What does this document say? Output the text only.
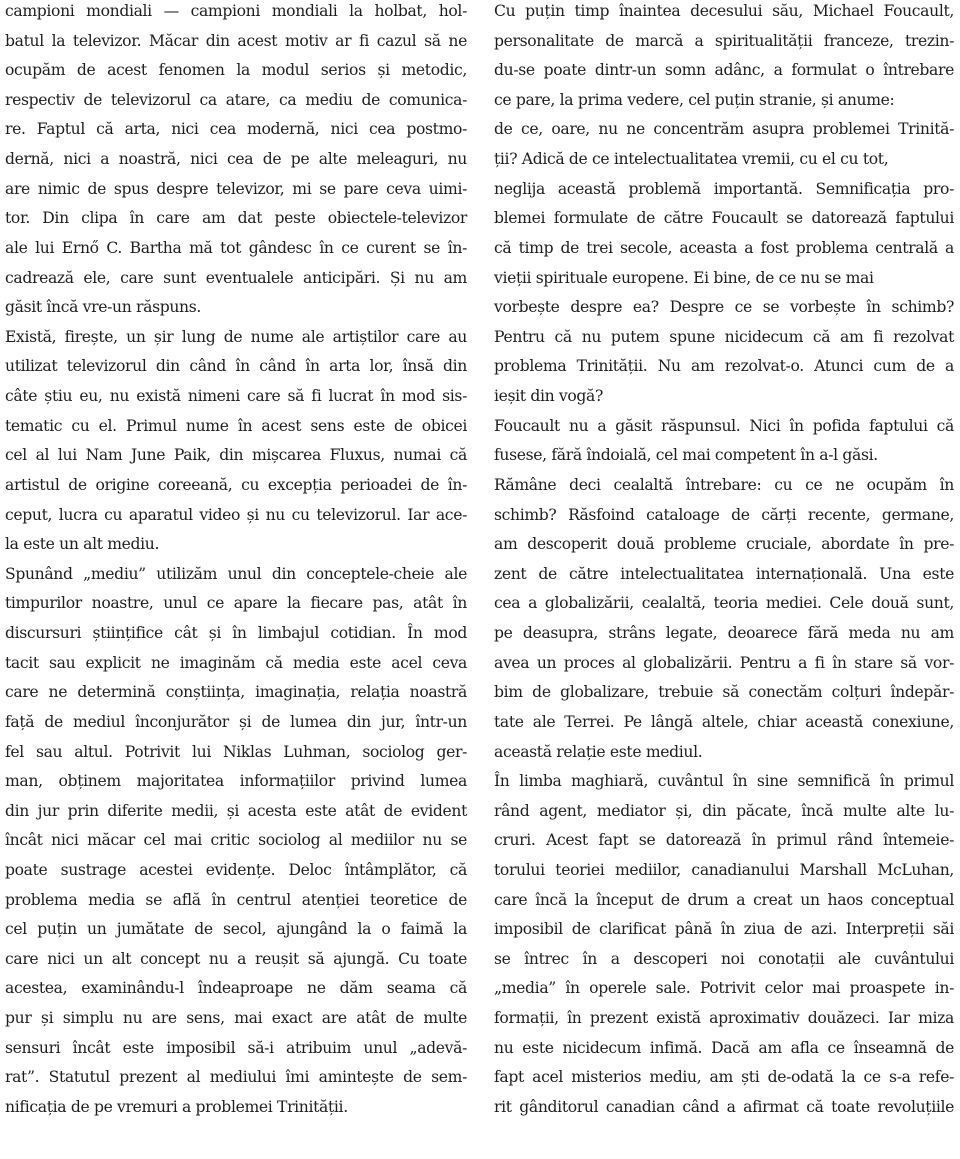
campioni mondiali — campioni mondiali la holbat, hol-
batul la televizor. Măcar din acest motiv ar fi cazul să ne
ocupăm de acest fenomen la modul serios și metodic,
respectiv de televizorul ca atare, ca mediu de comunica-
re. Faptul că arta, nici cea modernă, nici cea postmo-
dernă, nici a noastră, nici cea de pe alte meleaguri, nu
are nimic de spus despre televizor, mi se pare ceva uimi-
tor. Din clipa în care am dat peste obiectele-televizor
ale lui Ernő C. Bartha mă tot gândesc în ce curent se în-
cadrează ele, care sunt eventualele anticipări. Și nu am
găsit încă vre-un răspuns.
Există, firește, un șir lung de nume ale artiștilor care au
utilizat televizorul din când în când în arta lor, însă din
câte știu eu, nu există nimeni care să fi lucrat în mod sis-
tematic cu el. Primul nume în acest sens este de obicei
cel al lui Nam June Paik, din mișcarea Fluxus, numai că
artistul de origine coreeană, cu excepția perioadei de în-
ceput, lucra cu aparatul video și nu cu televizorul. Iar ace-
la este un alt mediu.
Spunând „mediu” utilizăm unul din conceptele-cheie ale
timpurilor noastre, unul ce apare la fiecare pas, atât în
discursuri științifice cât și în limbajul cotidian. În mod
tacit sau explicit ne imaginăm că media este acel ceva
care ne determină conștiința, imaginația, relația noastră
față de mediul înconjurător și de lumea din jur, într-un
fel sau altul. Potrivit lui Niklas Luhman, sociolog ger-
man, obținem majoritatea informațiilor privind lumea
din jur prin diferite medii, și acesta este atât de evident
încât nici măcar cel mai critic sociolog al mediilor nu se
poate sustrage acestei evidențe. Deloc întâmplător, că
problema media se află în centrul atenției teoretice de
cel puțin un jumătate de secol, ajungând la o faimă la
care nici un alt concept nu a reușit să ajungă. Cu toate
acestea, examinându-l îndeaproape ne dăm seama că
pur și simplu nu are sens, mai exact are atât de multe
sensuri încât este imposibil să-i atribuim unul „adevă-
rat”. Statutul prezent al mediului îmi amintește de sem-
nificația de pe vremuri a problemei Trinității.
Cu puțin timp înaintea decesului său, Michael Foucault,
personalitate de marcă a spiritualității franceze, trezin-
du-se poate dintr-un somn adânc, a formulat o întrebare
ce pare, la prima vedere, cel puțin stranie, și anume:
de ce, oare, nu ne concentrăm asupra problemei Trinită-
ții? Adică de ce intelectualitatea vremii, cu el cu tot,
neglija această problemă importantă. Semnificația pro-
blemei formulate de către Foucault se datorează faptului
că timp de trei secole, aceasta a fost problema centrală a
vieții spirituale europene. Ei bine, de ce nu se mai
vorbește despre ea? Despre ce se vorbește în schimb?
Pentru că nu putem spune nicidecum că am fi rezolvat
problema Trinității. Nu am rezolvat-o. Atunci cum de a
ieșit din vogă?
Foucault nu a găsit răspunsul. Nici în pofida faptului că
fusese, fără îndoială, cel mai competent în a-l găsi.
Rămâne deci cealaltă întrebare: cu ce ne ocupăm în
schimb? Răsfoind cataloage de cărți recente, germane,
am descoperit două probleme cruciale, abordate în pre-
zent de către intelectualitatea internațională. Una este
cea a globalizării, cealaltă, teoria mediei. Cele două sunt,
pe deasupra, strâns legate, deoarece fără meda nu am
avea un proces al globalizării. Pentru a fi în stare să vor-
bim de globalizare, trebuie să conectăm colțuri îndepăr-
tate ale Terrei. Pe lângă altele, chiar această conexiune,
această relație este mediul.
În limba maghiară, cuvântul în sine semnifică în primul
rând agent, mediator și, din păcate, încă multe alte lu-
cruri. Acest fapt se datorează în primul rând întemeie-
torului teoriei mediilor, canadianului Marshall McLuhan,
care încă la început de drum a creat un haos conceptual
imposibil de clarificat până în ziua de azi. Interpreții săi
se întrec în a descoperi noi conotații ale cuvântului
„media” în operele sale. Potrivit celor mai proaspete in-
formații, în prezent există aproximativ douăzeci. Iar miza
nu este nicidecum infimă. Dacă am afla ce înseamnă de
fapt acel misterios mediu, am ști de-odată la ce s-a refe-
rit gânditorul canadian când a afirmat că toate revoluțiile
